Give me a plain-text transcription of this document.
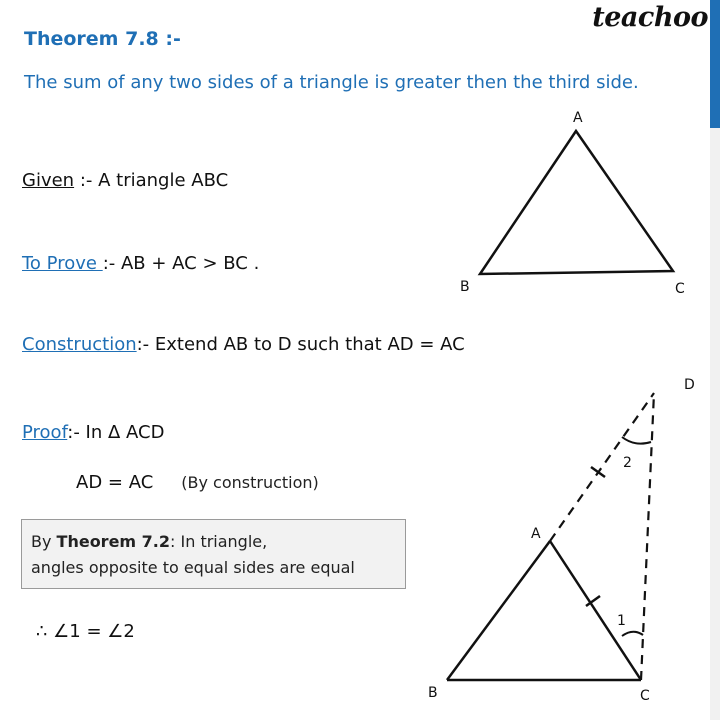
teachoo
Theorem 7.8 :-
The sum of any two sides of a triangle is greater then the third side.
Given :- A triangle ABC
To Prove :- AB + AC > BC .
Construction:- Extend AB to D such that AD = AC
Proof:- In Δ ACD
AD = AC (By construction)
By Theorem 7.2: In triangle,
angles opposite to equal sides are equal
∴ ∠1 = ∠2
A
B	C
A
B	C
D
1
2
